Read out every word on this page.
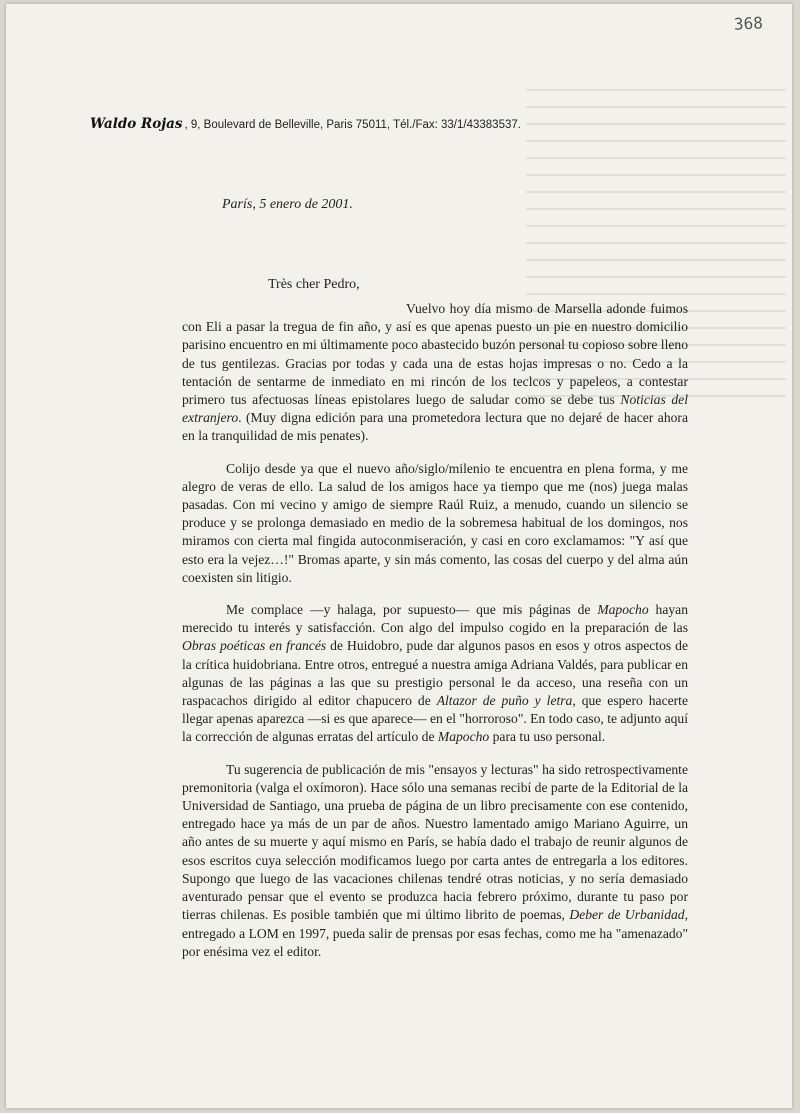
368
Waldo Rojas , 9, Boulevard de Belleville, Paris 75011, Tél./Fax: 33/1/43383537.
París, 5 enero de 2001.
Très cher Pedro,

Vuelvo hoy día mismo de Marsella adonde fuimos con Eli a pasar la tregua de fin año, y así es que apenas puesto un pie en nuestro domicilio parisino encuentro en mi últimamente poco abastecido buzón personal tu copioso sobre lleno de tus gentilezas. Gracias por todas y cada una de estas hojas impresas o no. Cedo a la tentación de sentarme de inmediato en mi rincón de los teclcos y papeleos, a contestar primero tus afectuosas líneas epistolares luego de saludar como se debe tus Noticias del extranjero. (Muy digna edición para una prometedora lectura que no dejaré de hacer ahora en la tranquilidad de mis penates).

Colijo desde ya que el nuevo año/siglo/milenio te encuentra en plena forma, y me alegro de veras de ello. La salud de los amigos hace ya tiempo que me (nos) juega malas pasadas. Con mi vecino y amigo de siempre Raúl Ruiz, a menudo, cuando un silencio se produce y se prolonga demasiado en medio de la sobremesa habitual de los domingos, nos miramos con cierta mal fingida autoconmiseración, y casi en coro exclamamos: "Y así que esto era la vejez…!" Bromas aparte, y sin más comento, las cosas del cuerpo y del alma aún coexisten sin litigio.

Me complace —y halaga, por supuesto— que mis páginas de Mapocho hayan merecido tu interés y satisfacción. Con algo del impulso cogido en la preparación de las Obras poéticas en francés de Huidobro, pude dar algunos pasos en esos y otros aspectos de la crítica huidobriana. Entre otros, entregué a nuestra amiga Adriana Valdés, para publicar en algunas de las páginas a las que su prestigio personal le da acceso, una reseña con un raspacachos dirigido al editor chapucero de Altazor de puño y letra, que espero hacerte llegar apenas aparezca —si es que aparece— en el "horroroso". En todo caso, te adjunto aquí la corrección de algunas erratas del artículo de Mapocho para tu uso personal.

Tu sugerencia de publicación de mis "ensayos y lecturas" ha sido retrospectivamente premonitoria (valga el oxímoron). Hace sólo una semanas recibí de parte de la Editorial de la Universidad de Santiago, una prueba de página de un libro precisamente con ese contenido, entregado hace ya más de un par de años. Nuestro lamentado amigo Mariano Aguirre, un año antes de su muerte y aquí mismo en París, se había dado el trabajo de reunir algunos de esos escritos cuya selección modificamos luego por carta antes de entregarla a los editores. Supongo que luego de las vacaciones chilenas tendré otras noticias, y no sería demasiado aventurado pensar que el evento se produzca hacia febrero próximo, durante tu paso por tierras chilenas. Es posible también que mi último librito de poemas, Deber de Urbanidad, entregado a LOM en 1997, pueda salir de prensas por esas fechas, como me ha "amenazado" por enésima vez el editor.
